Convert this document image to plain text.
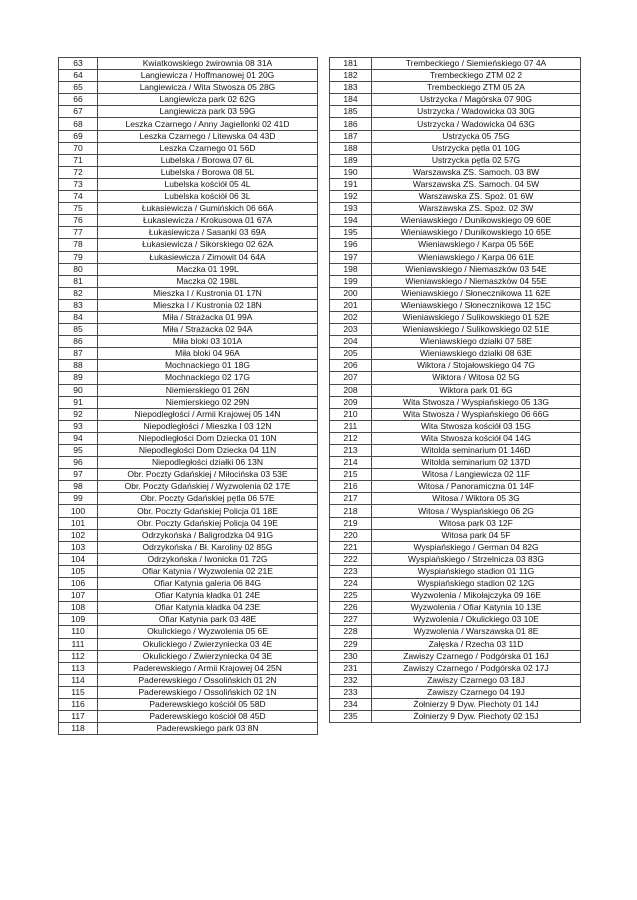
63	Kwiatkowskiego żwirownia 08 31A
64	Langiewicza / Hoffmanowej 01 20G
65	Langiewicza / Wita Stwosza 05 28G
66	Langiewicza park 02 62G
67	Langiewicza park 03 59G
68	Leszka Czarnego / Anny Jagiellonki 02 41D
69	Leszka Czarnego / Litewska 04 43D
70	Leszka Czarnego 01 56D
71	Lubelska / Borowa 07 6L
72	Lubelska / Borowa 08 5L
73	Lubelska kościół 05 4L
74	Lubelska kościół 06 3L
75	Łukasiewicza / Gumińskich 06 66A
76	Łukasiewicza / Krokusowa 01 67A
77	Łukasiewicza / Sasanki 03 69A
78	Łukasiewicza / Sikorskiego 02 62A
79	Łukasiewicza / Zimowit 04 64A
80	Maczka 01 199L
81	Maczka 02 198L
82	Mieszka I / Kustronia 01 17N
83	Mieszka I / Kustronia 02 18N
84	Miła / Strażacka 01 99A
85	Miła / Strażacka 02 94A
86	Miła bloki 03 101A
87	Miła bloki 04 96A
88	Mochnackiego 01 18G
89	Mochnackiego 02 17G
90	Niemierskiego 01 26N
91	Niemierskiego 02 29N
92	Niepodległości / Armii Krajowej 05 14N
93	Niepodległości / Mieszka I 03 12N
94	Niepodległości Dom Dziecka 01 10N
95	Niepodległości Dom Dziecka 04 11N
96	Niepodległości działki 06 13N
97	Obr. Poczty Gdańskiej / Miłocińska 03 53E
98	Obr. Poczty Gdańskiej / Wyzwolenia 02 17E
99	Obr. Poczty Gdańskiej pętla 06 57E
100	Obr. Poczty Gdańskiej Policja 01 18E
101	Obr. Poczty Gdańskiej Policja 04 19E
102	Odrzykońska / Baligrodzka 04 91G
103	Odrzykońska / Bł. Karoliny 02 85G
104	Odrzykońska / Iwonicka 01 72G
105	Ofiar Katynia / Wyzwolenia 02 21E
106	Ofiar Katynia galeria 06 84G
107	Ofiar Katynia kładka 01 24E
108	Ofiar Katynia kładka 04 23E
109	Ofiar Katynia park 03 48E
110	Okulickiego / Wyzwolenia 05 6E
111	Okulickiego / Zwierzyniecka 03 4E
112	Okulickiego / Zwierzyniecka 04 3E
113	Paderewskiego / Armii Krajowej 04 25N
114	Paderewskiego / Ossolińskich 01 2N
115	Paderewskiego / Ossolińskich 02 1N
116	Paderewskiego kościół 05 58D
117	Paderewskiego kościół 08 45D
118	Paderewskiego park 03 8N
181	Trembeckiego / Siemieńskiego 07 4A
182	Trembeckiego ZTM 02 2
183	Trembeckiego ZTM 05 2A
184	Ustrzycka / Magórska 07 90G
185	Ustrzycka / Wadowicka 03 30G
186	Ustrzycka / Wadowicka 04 63G
187	Ustrzycka 05 75G
188	Ustrzycka pętla 01 10G
189	Ustrzycka pętla 02 57G
190	Warszawska ZS. Samoch. 03 8W
191	Warszawska ZS. Samoch. 04 5W
192	Warszawska ZS. Spoż. 01 6W
193	Warszawska ZS. Spoż. 02 3W
194	Wieniawskiego / Dunikowskiego 09 60E
195	Wieniawskiego / Dunikowskiego 10 65E
196	Wieniawskiego / Karpa 05 56E
197	Wieniawskiego / Karpa 06 61E
198	Wieniawskiego / Niemaszków 03 54E
199	Wieniawskiego / Niemaszków 04 55E
200	Wieniawskiego / Słonecznikowa 11 62E
201	Wieniawskiego / Słonecznikowa 12 15C
202	Wieniawskiego / Sulikowskiego 01 52E
203	Wieniawskiego / Sulikowskiego 02 51E
204	Wieniawskiego działki 07 58E
205	Wieniawskiego działki 08 63E
206	Wiktora / Stojałowskiego 04 7G
207	Wiktora / Witosa 02 5G
208	Wiktora park 01 6G
209	Wita Stwosza / Wyspiańskiego 05 13G
210	Wita Stwosza / Wyspiańskiego 06 66G
211	Wita Stwosza kościół 03 15G
212	Wita Stwosza kościół 04 14G
213	Witolda seminarium 01 146D
214	Witolda seminarium 02 137D
215	Witosa / Langiewicza 02 11F
216	Witosa / Panoramiczna 01 14F
217	Witosa / Wiktora 05 3G
218	Witosa / Wyspiańskiego 06 2G
219	Witosa park 03 12F
220	Witosa park 04 5F
221	Wyspiańskiego / German 04 82G
222	Wyspiańskiego / Strzelnicza 03 83G
223	Wyspiańskiego stadion 01 11G
224	Wyspiańskiego stadion 02 12G
225	Wyzwolenia / Mikołajczyka 09 16E
226	Wyzwolenia / Ofiar Katynia 10 13E
227	Wyzwolenia / Okulickiego 03 10E
228	Wyzwolenia / Warszawska 01 8E
229	Załęska / Rzecha 03 11D
230	Zawiszy Czarnego / Podgórska 01 16J
231	Zawiszy Czarnego / Podgórska 02 17J
232	Zawiszy Czarnego 03 18J
233	Zawiszy Czarnego 04 19J
234	Żołnierzy 9 Dyw. Piechoty 01 14J
235	Żołnierzy 9 Dyw. Piechoty 02 15J
